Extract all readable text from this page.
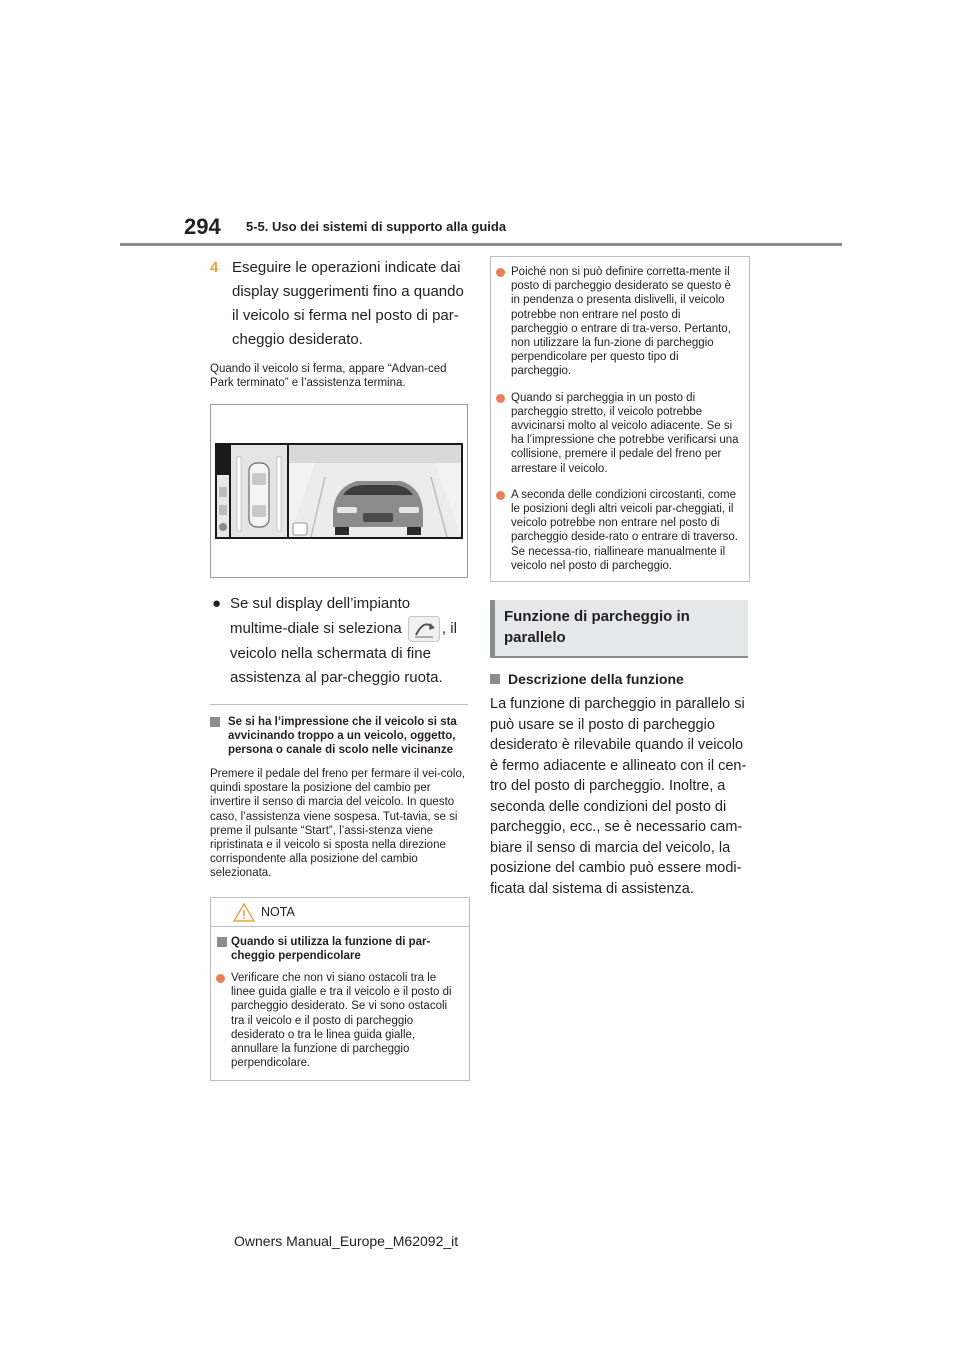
294 5-5. Uso dei sistemi di supporto alla guida
4 Eseguire le operazioni indicate dai display suggerimenti fino a quando il veicolo si ferma nel posto di par-cheggio desiderato.
Quando il veicolo si ferma, appare “Advan-ced Park terminato” e l’assistenza termina.
● Se sul display dell’impianto multime-diale si seleziona	, il veicolo nella schermata di fine assistenza al par-cheggio ruota.
Se si ha l’impressione che il veicolo si sta avvicinando troppo a un veicolo, oggetto, persona o canale di scolo nelle vicinanze
Premere il pedale del freno per fermare il vei-colo, quindi spostare la posizione del cambio per invertire il senso di marcia del veicolo. In questo caso, l’assistenza viene sospesa. Tut-tavia, se si preme il pulsante “Start”, l’assi-stenza viene ripristinata e il veicolo si sposta nella direzione corrispondente alla posizione del cambio selezionata.
NOTA
Quando si utilizza la funzione di par-cheggio perpendicolare
Verificare che non vi siano ostacoli tra le linee guida gialle e tra il veicolo e il posto di parcheggio desiderato. Se vi sono ostacoli tra il veicolo e il posto di parcheggio desiderato o tra le linea guida gialle, annullare la funzione di parcheggio perpendicolare.
Poiché non si può definire corretta-mente il posto di parcheggio desiderato se questo è in pendenza o presenta dislivelli, il veicolo potrebbe non entrare nel posto di parcheggio o entrare di tra-verso. Pertanto, non utilizzare la fun-zione di parcheggio perpendicolare per questo tipo di parcheggio.
Quando si parcheggia in un posto di parcheggio stretto, il veicolo potrebbe avvicinarsi molto al veicolo adiacente. Se si ha l’impressione che potrebbe verificarsi una collisione, premere il pedale del freno per arrestare il veicolo.
A seconda delle condizioni circostanti, come le posizioni degli altri veicoli par-cheggiati, il veicolo potrebbe non entrare nel posto di parcheggio deside-rato o entrare di traverso. Se necessa-rio, riallineare manualmente il veicolo nel posto di parcheggio.
Funzione di parcheggio in parallelo
Descrizione della funzione
La funzione di parcheggio in parallelo si può usare se il posto di parcheggio desiderato è rilevabile quando il veicolo è fermo adiacente e allineato con il cen-tro del posto di parcheggio. Inoltre, a seconda delle condizioni del posto di parcheggio, ecc., se è necessario cam-biare il senso di marcia del veicolo, la posizione del cambio può essere modi-ficata dal sistema di assistenza.
Owners Manual_Europe_M62092_it
